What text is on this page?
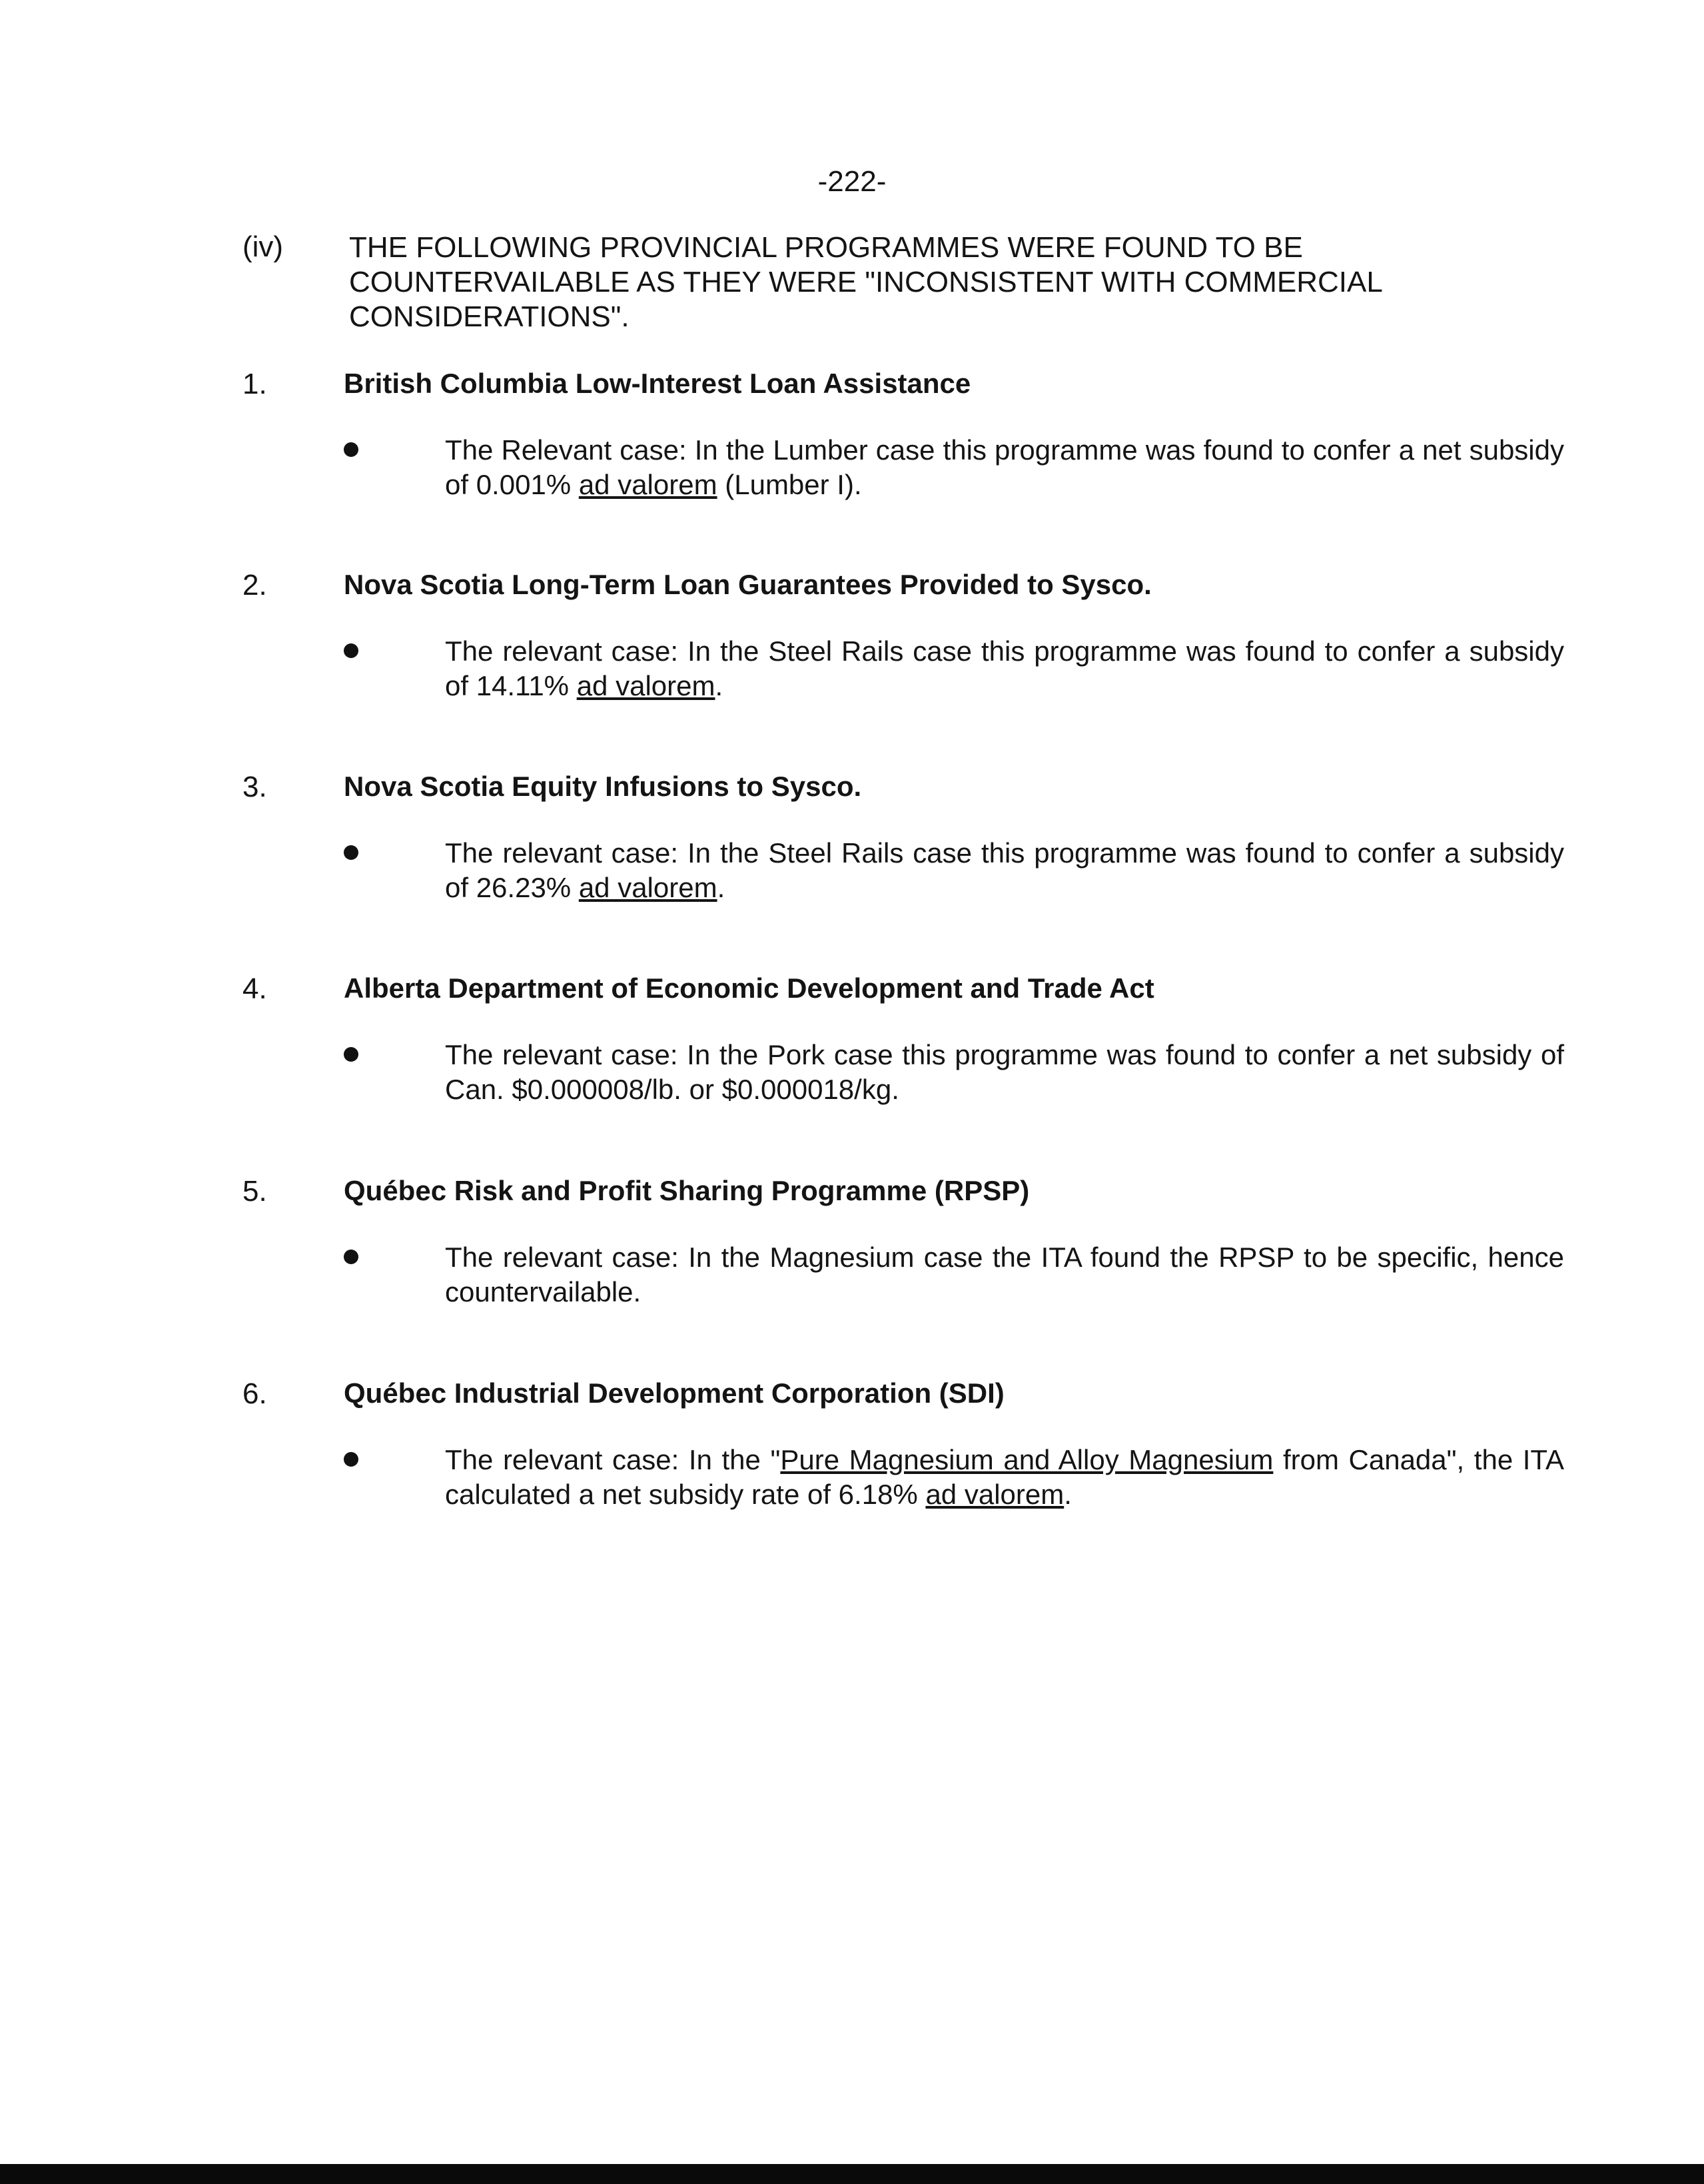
-222-
(iv) THE FOLLOWING PROVINCIAL PROGRAMMES WERE FOUND TO BE COUNTERVAILABLE AS THEY WERE "INCONSISTENT WITH COMMERCIAL CONSIDERATIONS".
1.	British Columbia Low-Interest Loan Assistance
The Relevant case: In the Lumber case this programme was found to confer a net subsidy of 0.001% ad valorem (Lumber I).
2.	Nova Scotia Long-Term Loan Guarantees Provided to Sysco.
The relevant case: In the Steel Rails case this programme was found to confer a subsidy of 14.11% ad valorem.
3.	Nova Scotia Equity Infusions to Sysco.
The relevant case: In the Steel Rails case this programme was found to confer a subsidy of 26.23% ad valorem.
4.	Alberta Department of Economic Development and Trade Act
The relevant case: In the Pork case this programme was found to confer a net subsidy of Can. $0.000008/lb. or $0.000018/kg.
5.	Québec Risk and Profit Sharing Programme (RPSP)
The relevant case: In the Magnesium case the ITA found the RPSP to be specific, hence countervailable.
6.	Québec Industrial Development Corporation (SDI)
The relevant case: In the "Pure Magnesium and Alloy Magnesium from Canada", the ITA calculated a net subsidy rate of 6.18% ad valorem.
